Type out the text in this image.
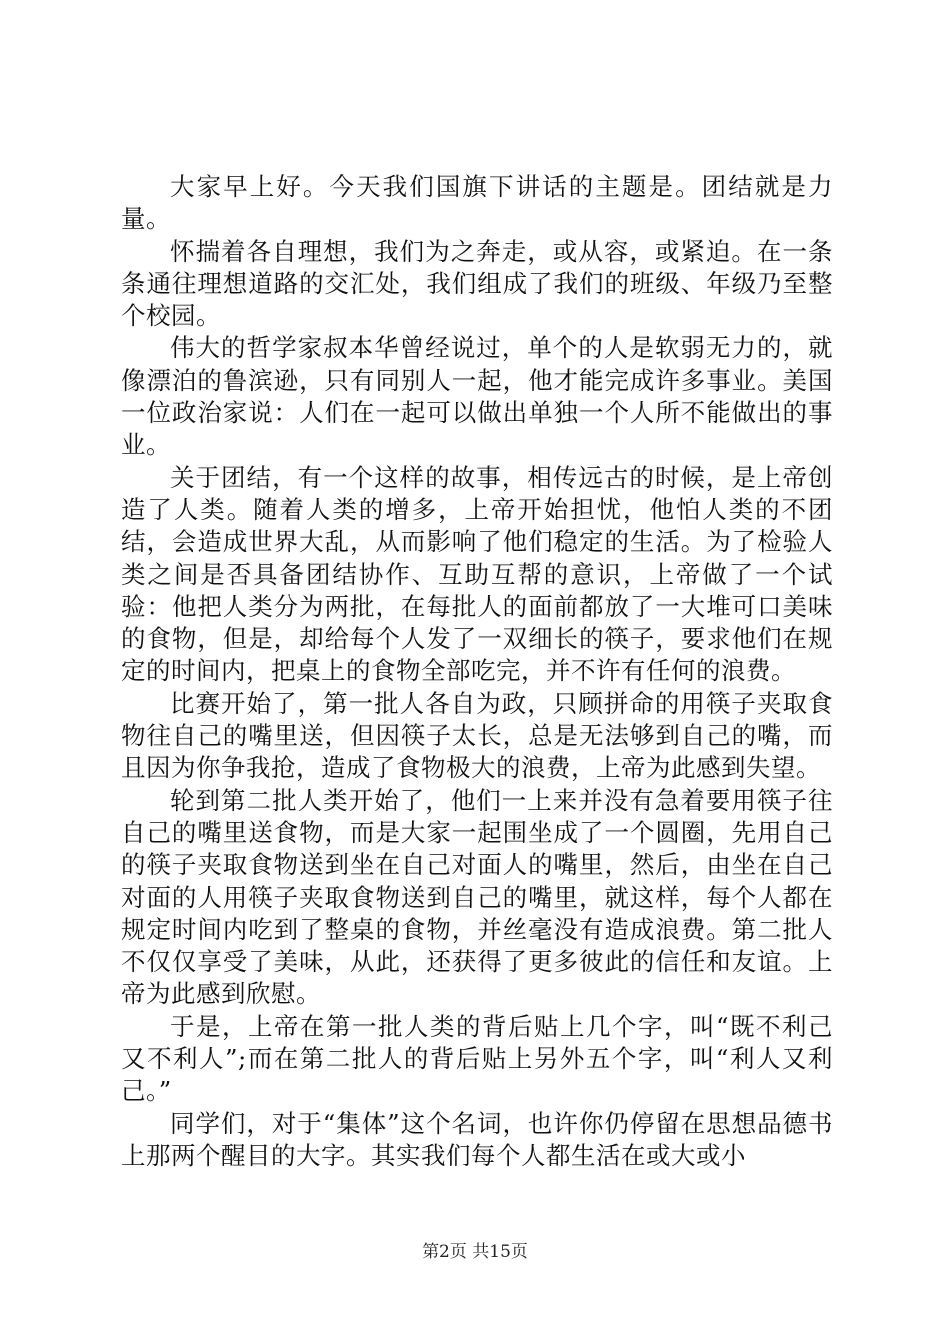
大家早上好。今天我们国旗下讲话的主题是。团结就是力量。

怀揣着各自理想，我们为之奔走，或从容，或紧迫。在一条条通往理想道路的交汇处，我们组成了我们的班级、年级乃至整个校园。

伟大的哲学家叔本华曾经说过，单个的人是软弱无力的，就像漂泊的鲁滨逊，只有同别人一起，他才能完成许多事业。美国一位政治家说：人们在一起可以做出单独一个人所不能做出的事业。

关于团结，有一个这样的故事，相传远古的时候，是上帝创造了人类。随着人类的增多，上帝开始担忧，他怕人类的不团结，会造成世界大乱，从而影响了他们稳定的生活。为了检验人类之间是否具备团结协作、互助互帮的意识，上帝做了一个试验：他把人类分为两批，在每批人的面前都放了一大堆可口美味的食物，但是，却给每个人发了一双细长的筷子，要求他们在规定的时间内，把桌上的食物全部吃完，并不许有任何的浪费。

比赛开始了，第一批人各自为政，只顾拼命的用筷子夹取食物往自己的嘴里送，但因筷子太长，总是无法够到自己的嘴，而且因为你争我抢，造成了食物极大的浪费，上帝为此感到失望。

轮到第二批人类开始了，他们一上来并没有急着要用筷子往自己的嘴里送食物，而是大家一起围坐成了一个圆圈，先用自己的筷子夹取食物送到坐在自己对面人的嘴里，然后，由坐在自己对面的人用筷子夹取食物送到自己的嘴里，就这样，每个人都在规定时间内吃到了整桌的食物，并丝毫没有造成浪费。第二批人不仅仅享受了美味，从此，还获得了更多彼此的信任和友谊。上帝为此感到欣慰。

于是，上帝在第一批人类的背后贴上几个字，叫“既不利己又不利人”;而在第二批人的背后贴上另外五个字，叫“利人又利己。”

同学们，对于“集体”这个名词，也许你仍停留在思想品德书上那两个醒目的大字。其实我们每个人都生活在或大或小

第2页 共15页
